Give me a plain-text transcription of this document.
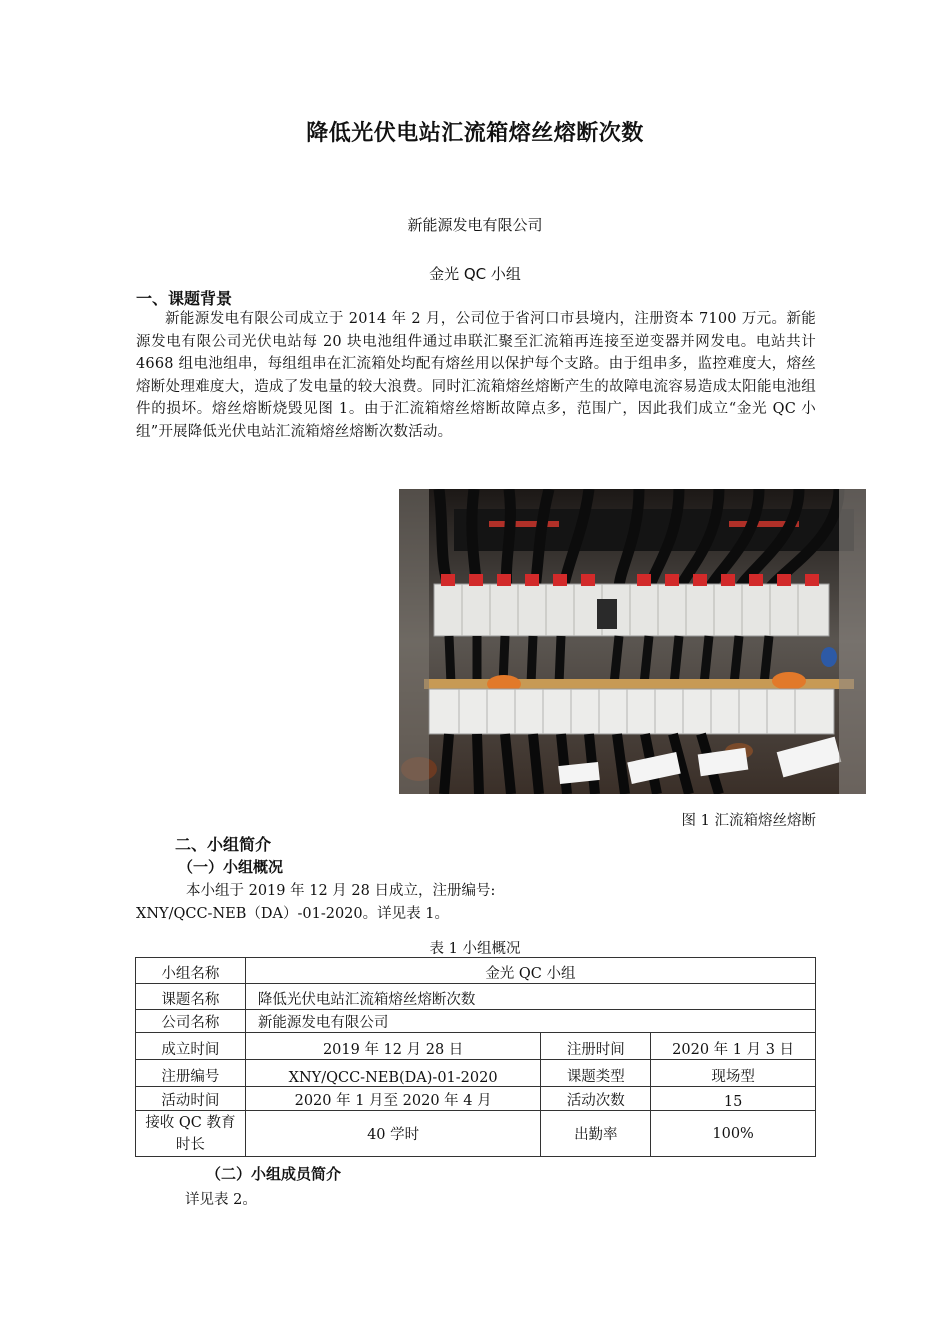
降低光伏电站汇流箱熔丝熔断次数
新能源发电有限公司
金光 QC 小组
一、课题背景
新能源发电有限公司成立于 2014 年 2 月，公司位于省河口市县境内，注册资本 7100 万元。新能源发电有限公司光伏电站每 20 块电池组件通过串联汇聚至汇流箱再连接至逆变器并网发电。电站共计 4668 组电池组串，每组组串在汇流箱处均配有熔丝用以保护每个支路。由于组串多，监控难度大，熔丝熔断处理难度大，造成了发电量的较大浪费。同时汇流箱熔丝熔断产生的故障电流容易造成太阳能电池组件的损坏。熔丝熔断烧毁见图 1。由于汇流箱熔丝熔断故障点多，范围广，因此我们成立“金光 QC 小组”开展降低光伏电站汇流箱熔丝熔断次数活动。
图 1 汇流箱熔丝熔断
二、小组简介
（一）小组概况
本小组于 2019 年 12 月 28 日成立，注册编号:
XNY/QCC-NEB（DA）-01-2020。详见表 1。
表 1 小组概况
小组名称	金光 QC 小组		
课题名称	降低光伏电站汇流箱熔丝熔断次数		
公司名称	新能源发电有限公司		
成立时间	2019 年 12 月 28 日	注册时间	2020 年 1 月 3 日
注册编号	XNY/QCC-NEB(DA)-01-2020	课题类型	现场型
活动时间	2020 年 1 月至 2020 年 4 月	活动次数	15
接收 QC 教育时长	40 学时	出勤率	100%
（二）小组成员简介
详见表 2。
